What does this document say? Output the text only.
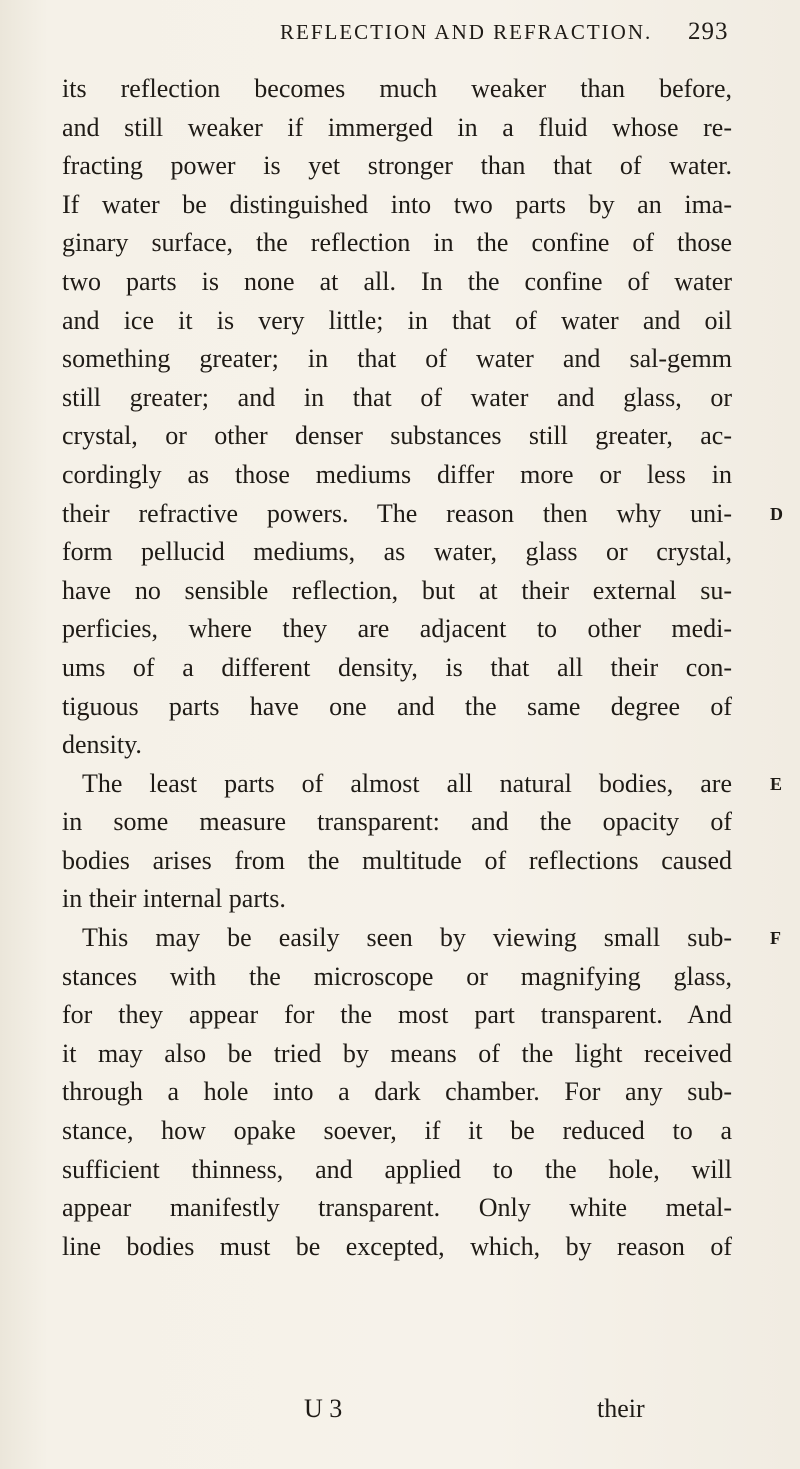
REFLECTION AND REFRACTION. 293
its reflection becomes much weaker than before,
and still weaker if immerged in a fluid whose re-
fracting power is yet stronger than that of water.
If water be distinguished into two parts by an ima-
ginary surface, the reflection in the confine of those
two parts is none at all. In the confine of water
and ice it is very little; in that of water and oil
something greater; in that of water and sal-gemm
still greater; and in that of water and glass, or
crystal, or other denser substances still greater, ac-
cordingly as those mediums differ more or less in
their refractive powers. The reason then why uni-
form pellucid mediums, as water, glass or crystal,
have no sensible reflection, but at their external su-
perficies, where they are adjacent to other medi-
ums of a different density, is that all their con-
tiguous parts have one and the same degree of
density.
The least parts of almost all natural bodies, are
in some measure transparent: and the opacity of
bodies arises from the multitude of reflections caused
in their internal parts.
This may be easily seen by viewing small sub-
stances with the microscope or magnifying glass,
for they appear for the most part transparent. And
it may also be tried by means of the light received
through a hole into a dark chamber. For any sub-
stance, how opake soever, if it be reduced to a
sufficient thinness, and applied to the hole, will
appear manifestly transparent. Only white metal-
line bodies must be excepted, which, by reason of
D
E
F
U 3	their
